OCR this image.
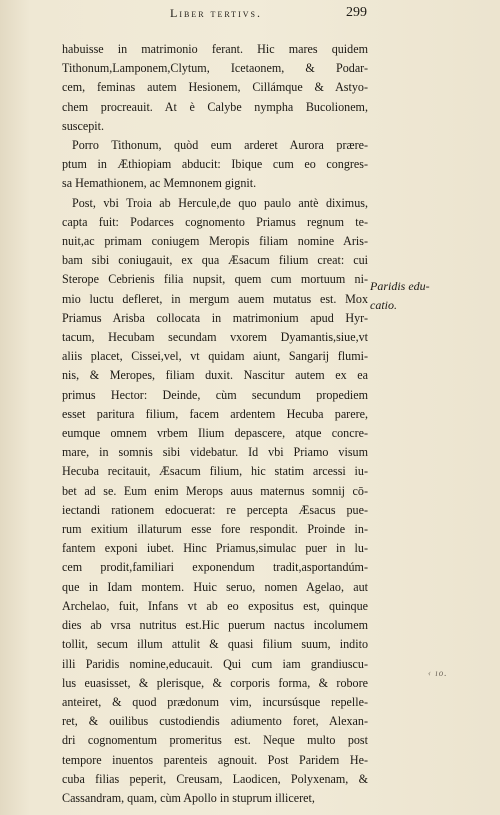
Liber tertivs.	299

habuisse in matrimonio ferant. Hic mares quidem
Tithonum,Lamponem,Clytum, Icetaonem, & Podar-
cem, feminas autem Hesionem, Cillámque & Astyo-
chem procreauit. At è Calybe nympha Bucolionem,
suscepit.

Porro Tithonum, quòd eum arderet Aurora prære-
ptum in Æthiopiam abducit: Ibique cum eo congres-
sa Hemathionem, ac Memnonem gignit.

Post, vbi Troia ab Hercule,de quo paulo antè diximus,
capta fuit: Podarces cognomento Priamus regnum te-
nuit,ac primam coniugem Meropis filiam nomine Aris-
bam sibi coniugauit, ex qua Æsacum filium creat: cui
Sterope Cebrienis filia nupsit, quem cum mortuum ni-
mio luctu defleret, in mergum auem mutatus est. Mox
Priamus Arisba collocata in matrimonium apud Hyr-
tacum, Hecubam secundam vxorem Dyamantis,siue,vt
aliis placet, Cissei,vel, vt quidam aiunt, Sangarij flumi-
nis, & Meropes, filiam duxit. Nascitur autem ex ea
primus Hector: Deinde, cùm secundum propediem
esset paritura filium, facem ardentem Hecuba parere,
eumque omnem vrbem Ilium depascere, atque concre-
mare, in somnis sibi videbatur. Id vbi Priamo visum
Hecuba recitauit, Æsacum filium, hic statim arcessi iu-
bet ad se. Eum enim Merops auus maternus somnij cō-
iectandi rationem edocuerat: re percepta Æsacus pue-
rum exitium illaturum esse fore respondit. Proinde in-
fantem exponi iubet. Hinc Priamus,simulac puer in lu-
cem prodit,familiari exponendum tradit,asportandúm-
que in Idam montem. Huic seruo, nomen Agelao, aut
Archelao, fuit, Infans vt ab eo expositus est, quinque
dies ab vrsa nutritus est.Hic puerum nactus incolumem
tollit, secum illum attulit & quasi filium suum, indito
illi Paridis nomine,educauit. Qui cum iam grandiuscu-
lus euasisset, & plerisque, & corporis forma, & robore
anteiret, & quod prædonum vim, incursúsque repelle-
ret, & ouilibus custodiendis adiumento foret, Alexan-
dri cognomentum promeritus est. Neque multo post
tempore inuentos parenteis agnouit. Post Paridem He-
cuba filias peperit, Creusam, Laodicen, Polyxenam, &
Cassandram, quam, cùm Apollo in stuprum illiceret,

Paridis edu-
catio.
‹ ıo.
